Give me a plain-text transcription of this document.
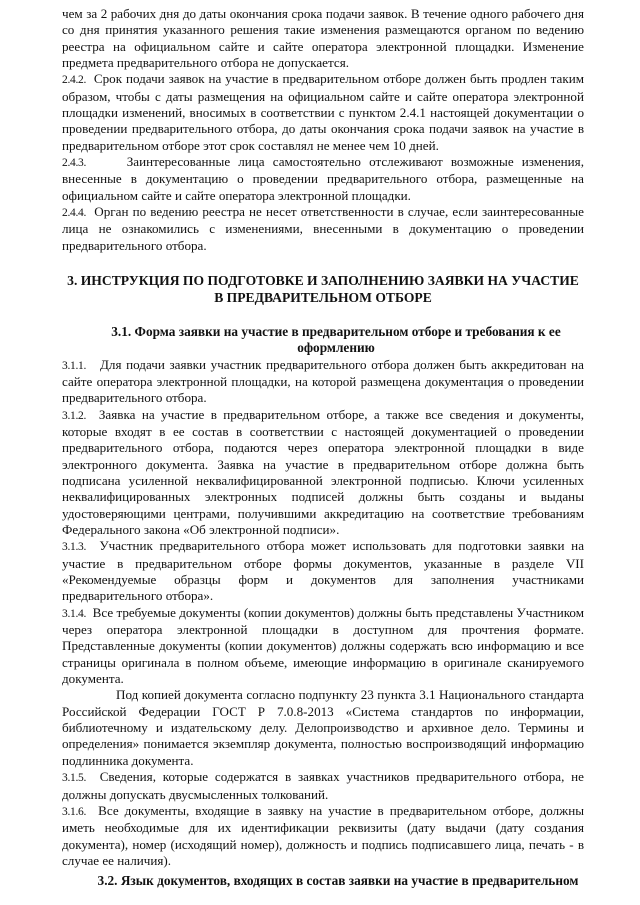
чем за 2 рабочих дня до даты окончания срока подачи заявок. В течение одного рабочего дня со дня принятия указанного решения такие изменения размещаются органом по ведению реестра на официальном сайте и сайте оператора электронной площадки. Изменение предмета предварительного отбора не допускается.

2.4.2. Срок подачи заявок на участие в предварительном отборе должен быть продлен таким образом, чтобы с даты размещения на официальном сайте и сайте оператора электронной площадки изменений, вносимых в соответствии с пунктом 2.4.1 настоящей документации о проведении предварительного отбора, до даты окончания срока подачи заявок на участие в предварительном отборе этот срок составлял не менее чем 10 дней.

2.4.3.	Заинтересованные лица самостоятельно отслеживают возможные изменения, внесенные в документацию о проведении предварительного отбора, размещенные на официальном сайте и сайте оператора электронной площадки.

2.4.4. Орган по ведению реестра не несет ответственности в случае, если заинтересованные лица не ознакомились с изменениями, внесенными в документацию о проведении предварительного отбора.

3. ИНСТРУКЦИЯ ПО ПОДГОТОВКЕ И ЗАПОЛНЕНИЮ ЗАЯВКИ НА УЧАСТИЕ В ПРЕДВАРИТЕЛЬНОМ ОТБОРЕ
3.1. Форма заявки на участие в предварительном отборе и требования к ее оформлению

3.1.1. Для подачи заявки участник предварительного отбора должен быть аккредитован на сайте оператора электронной площадки, на которой размещена документация о проведении предварительного отбора.

3.1.2. Заявка на участие в предварительном отборе, а также все сведения и документы, которые входят в ее состав в соответствии с настоящей документацией о проведении предварительного отбора, подаются через оператора электронной площадки в виде электронного документа. Заявка на участие в предварительном отборе должна быть подписана усиленной неквалифицированной электронной подписью. Ключи усиленных неквалифицированных электронных подписей должны быть созданы и выданы удостоверяющими центрами, получившими аккредитацию на соответствие требованиям Федерального закона «Об электронной подписи».

3.1.3. Участник предварительного отбора может использовать для подготовки заявки на участие в предварительном отборе формы документов, указанные в разделе VII «Рекомендуемые образцы форм и документов для заполнения участниками предварительного отбора».

3.1.4. Все требуемые документы (копии документов) должны быть представлены Участником через оператора электронной площадки в доступном для прочтения формате. Представленные документы (копии документов) должны содержать всю информацию и все страницы оригинала в полном объеме, имеющие информацию в оригинале сканируемого документа.

Под копией документа согласно подпункту 23 пункта 3.1 Национального стандарта Российской Федерации ГОСТ Р 7.0.8-2013 «Система стандартов по информации, библиотечному и издательскому делу. Делопроизводство и архивное дело. Термины и определения» понимается экземпляр документа, полностью воспроизводящий информацию подлинника документа.

3.1.5. Сведения, которые содержатся в заявках участников предварительного отбора, не должны допускать двусмысленных толкований.

3.1.6. Все документы, входящие в заявку на участие в предварительном отборе, должны иметь необходимые для их идентификации реквизиты (дату выдачи (дату создания документа), номер (исходящий номер), должность и подпись подписавшего лица, печать - в случае ее наличия).

3.2. Язык документов, входящих в состав заявки на участие в предварительном
